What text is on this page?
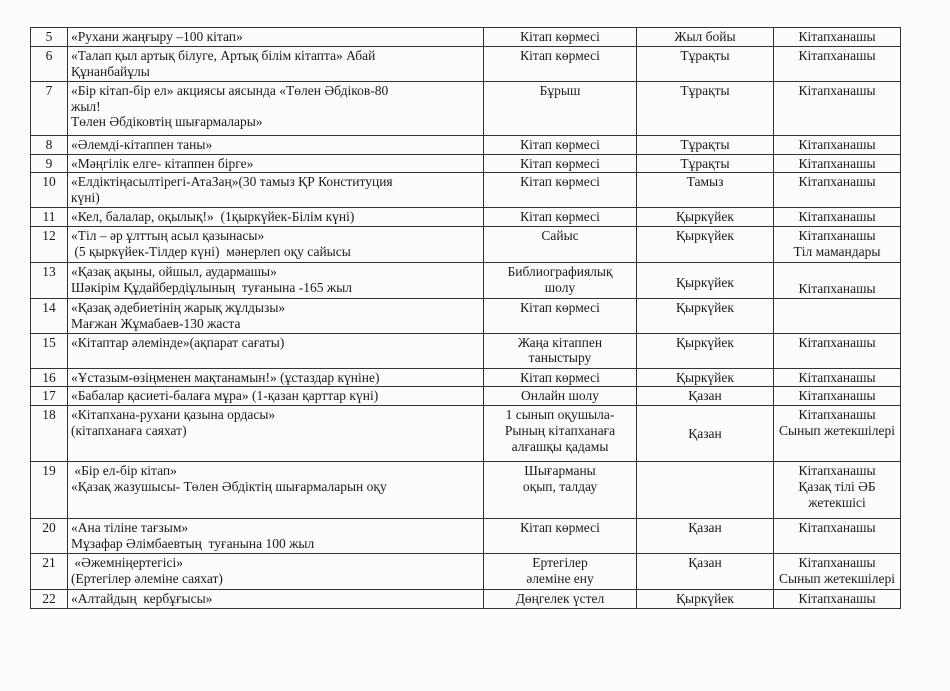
5	«Рухани жаңғыру –100 кітап»	Кітап көрмесі	Жыл бойы	Кітапханaшы

6	«Талап қыл артық білуге, Артық білім кітапта» Абай
Құнанбайұлы	Кітап көрмесі	Тұрақты	Кітапханашы

7	«Бір кітап-бір ел» акциясы аясында «Төлен Әбдіков-80
жыл!
Төлен Әбдіковтің шығармалары»	Бұрыш	Тұрақты	Кітапханашы

8	«Әлемді-кітаппен таны»	Кітап көрмесі	Тұрақты	Кітапханашы

9	«Мәңгілік елге- кітаппен бірге»	Кітап көрмесі	Тұрақты	Кітапханашы

10	«Елдіктіңасылтірегі-АтаЗаң»(30 тамыз ҚР Конституция
күні)	Кітап көрмесі	Тамыз	Кітапханашы

11	«Кел, балалар, оқылық!»  (1қыркүйек-Білім күні)	Кітап көрмесі	Қыркүйек	Кітапханашы

12	«Тіл – әр ұлттың асыл қазынасы»
(5 қыркүйек-Тілдер күні)  мәнерлеп оқу сайысы	Сайыс	Қыркүйек	Кітапханашы
Тіл мамандары

13	«Қазақ ақыны, ойшыл, аудармашы»
Шәкірім Құдайбердіұлының  туғанына -165 жыл	Библиографиялық
шолу	Қыркүйек	Кітапханашы

14	«Қазақ әдебиетінің жарық жұлдызы»
Мағжан Жұмабаев-130 жаста	Кітап көрмесі	Қыркүйек	

15	«Кітаптар әлемінде»(ақпарат сағаты)	Жаңа кітаппен
таныстыру	Қыркүйек	Кітапханашы

16	«Ұстазым-өзіңменен мақтанамын!» (ұстаздар күніне)	Кітап көрмесі	Қыркүйек	Кітапханашы

17	«Бабалар қасиеті-балаға мұра» (1-қазан қарттар күні)	Онлайн шолу	Қазан	Кітапханашы

18	«Кітапхана-рухани қазына ордасы»
(кітапханаға саяхат)	1 сынып оқушыла-
Рының кітапханаға
алғашқы қадамы	Қазан	Кітапханашы
Сынып жетекшілері

19	«Бір ел-бір кітап»
«Қазақ жазушысы- Төлен Әбдіктің шығармаларын оқу	Шығарманы
оқып, талдау		Кітапханашы
Қазақ тілі ӘБ
жетекшісі

20	«Ана тіліне тағзым»
Мұзафар Әлімбаевтың  туғанына 100 жыл	Кітап көрмесі	Қазан	Кітапханашы

21	«Әжемніңертегісі»
(Ертегілер әлеміне саяхат)	Ертегілер
әлеміне ену	Қазан	Кітапханашы
Сынып жетекшілері

22	«Алтайдың  кербұғысы»	Дөңгелек үстел	Қыркүйек	Кітапханашы
